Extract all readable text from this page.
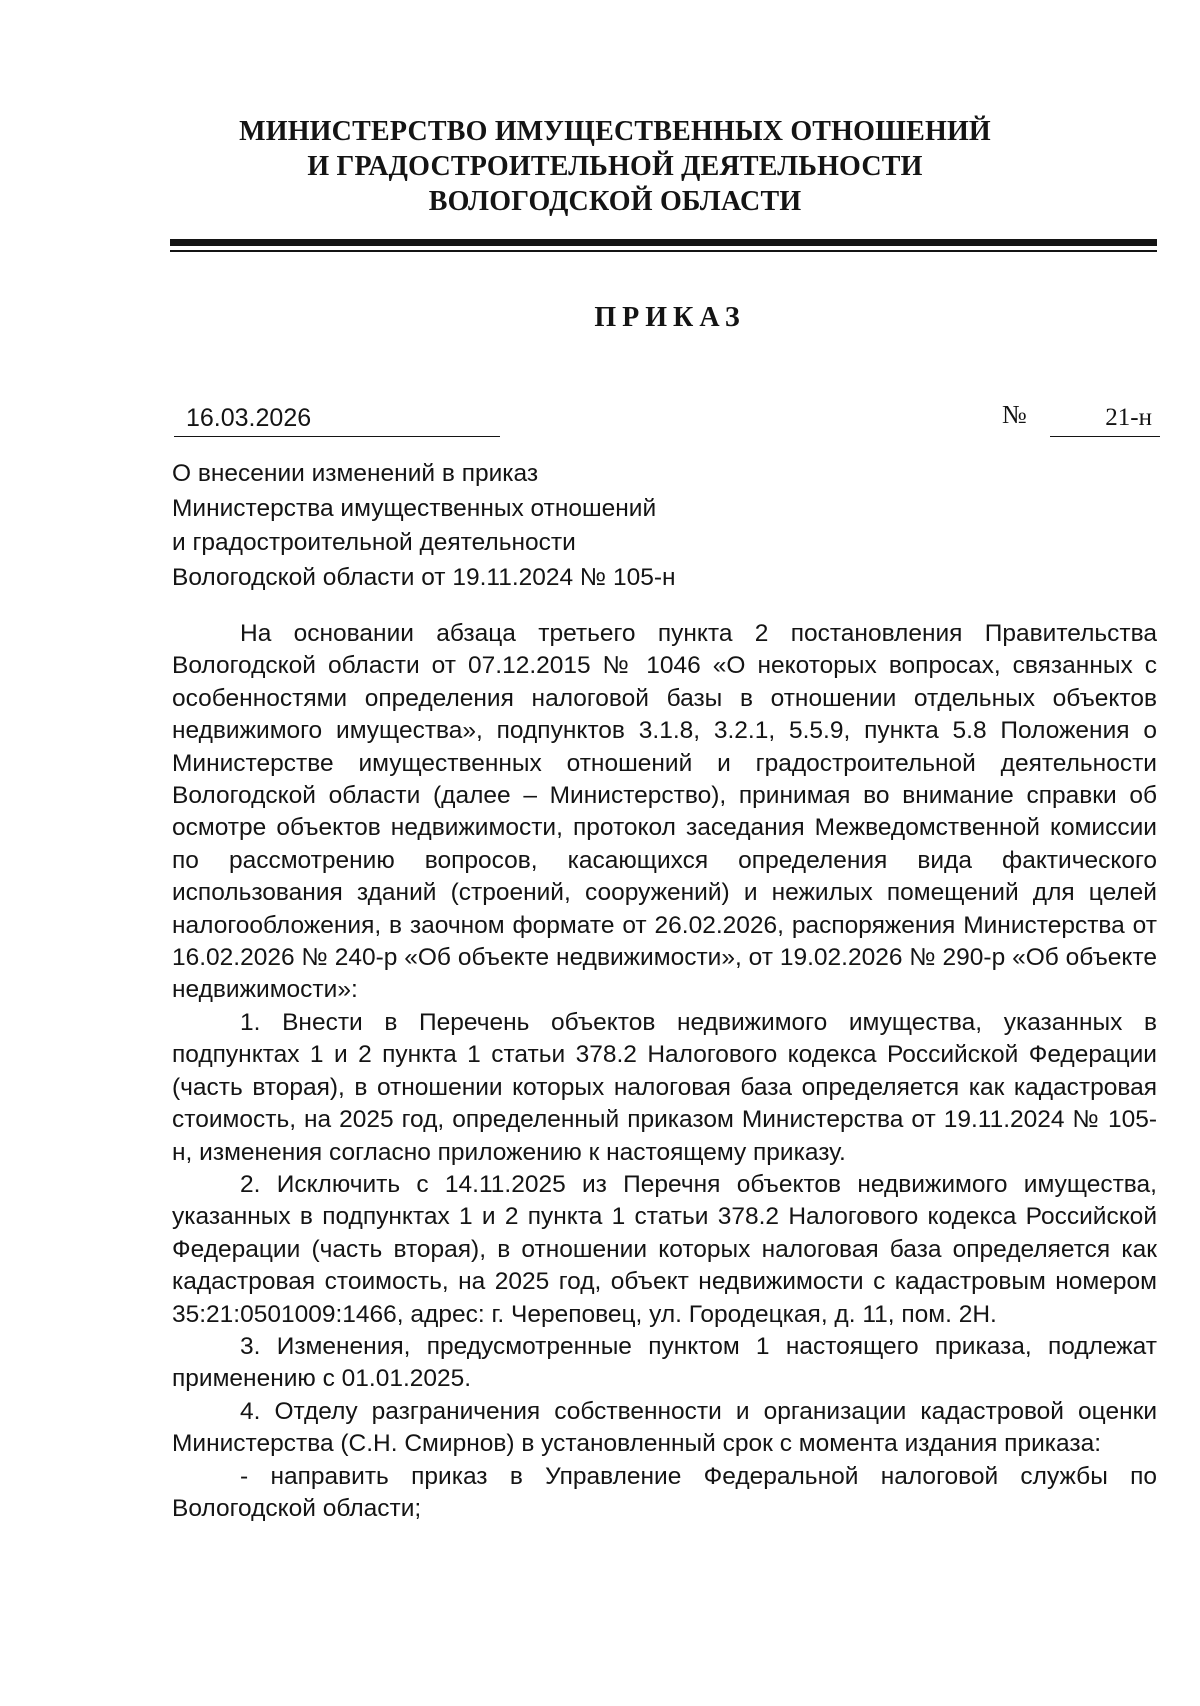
МИНИСТЕРСТВО ИМУЩЕСТВЕННЫХ ОТНОШЕНИЙ
И ГРАДОСТРОИТЕЛЬНОЙ ДЕЯТЕЛЬНОСТИ
ВОЛОГОДСКОЙ ОБЛАСТИ
ПРИКАЗ
16.03.2026	№	21-н
О внесении изменений в приказ
Министерства имущественных отношений
и градостроительной деятельности
Вологодской области от 19.11.2024 № 105-н

На основании абзаца третьего пункта 2 постановления Правительства Вологодской области от 07.12.2015 № 1046 «О некоторых вопросах, связанных с особенностями определения налоговой базы в отношении отдельных объектов недвижимого имущества», подпунктов 3.1.8, 3.2.1, 5.5.9, пункта 5.8 Положения о Министерстве имущественных отношений и градостроительной деятельности Вологодской области (далее – Министерство), принимая во внимание справки об осмотре объектов недвижимости, протокол заседания Межведомственной комиссии по рассмотрению вопросов, касающихся определения вида фактического использования зданий (строений, сооружений) и нежилых помещений для целей налогообложения, в заочном формате от 26.02.2026, распоряжения Министерства от 16.02.2026 № 240-р «Об объекте недвижимости», от 19.02.2026 № 290-р «Об объекте недвижимости»:

1. Внести в Перечень объектов недвижимого имущества, указанных в подпунктах 1 и 2 пункта 1 статьи 378.2 Налогового кодекса Российской Федерации (часть вторая), в отношении которых налоговая база определяется как кадастровая стоимость, на 2025 год, определенный приказом Министерства от 19.11.2024 № 105-н, изменения согласно приложению к настоящему приказу.

2. Исключить с 14.11.2025 из Перечня объектов недвижимого имущества, указанных в подпунктах 1 и 2 пункта 1 статьи 378.2 Налогового кодекса Российской Федерации (часть вторая), в отношении которых налоговая база определяется как кадастровая стоимость, на 2025 год, объект недвижимости с кадастровым номером 35:21:0501009:1466, адрес: г. Череповец, ул. Городецкая, д. 11, пом. 2Н.

3. Изменения, предусмотренные пунктом 1 настоящего приказа, подлежат применению с 01.01.2025.

4. Отделу разграничения собственности и организации кадастровой оценки Министерства (С.Н. Смирнов) в установленный срок с момента издания приказа:

- направить приказ в Управление Федеральной налоговой службы по Вологодской области;
